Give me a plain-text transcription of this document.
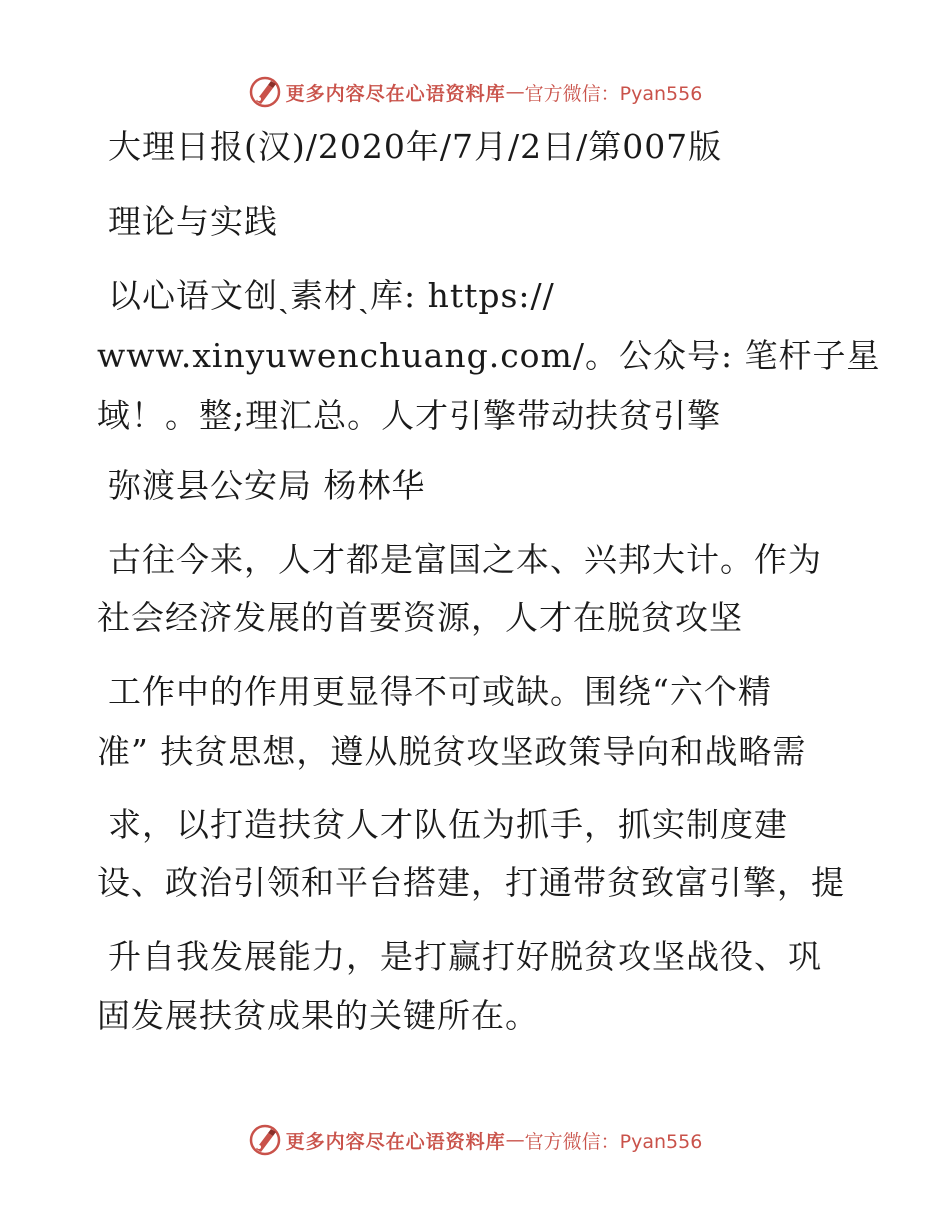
更多内容尽在心语资料库 — 官方微信：Pyan556
大理日报(汉)/2020年/7月/2日/第007版
理论与实践
以心语文创ˎ素材ˎ库: https://
www.xinyuwenchuang.com/。公众号: 笔杆子星
域！。整;理汇总。人才引擎带动扶贫引擎
弥渡县公安局 杨林华
古往今来，人才都是富国之本、兴邦大计。作为
社会经济发展的首要资源，人才在脱贫攻坚
工作中的作用更显得不可或缺。围绕“六个精
准” 扶贫思想，遵从脱贫攻坚政策导向和战略需
求，以打造扶贫人才队伍为抓手，抓实制度建
设、政治引领和平台搭建，打通带贫致富引擎，提
升自我发展能力，是打赢打好脱贫攻坚战役、巩
固发展扶贫成果的关键所在。
更多内容尽在心语资料库 — 官方微信：Pyan556
